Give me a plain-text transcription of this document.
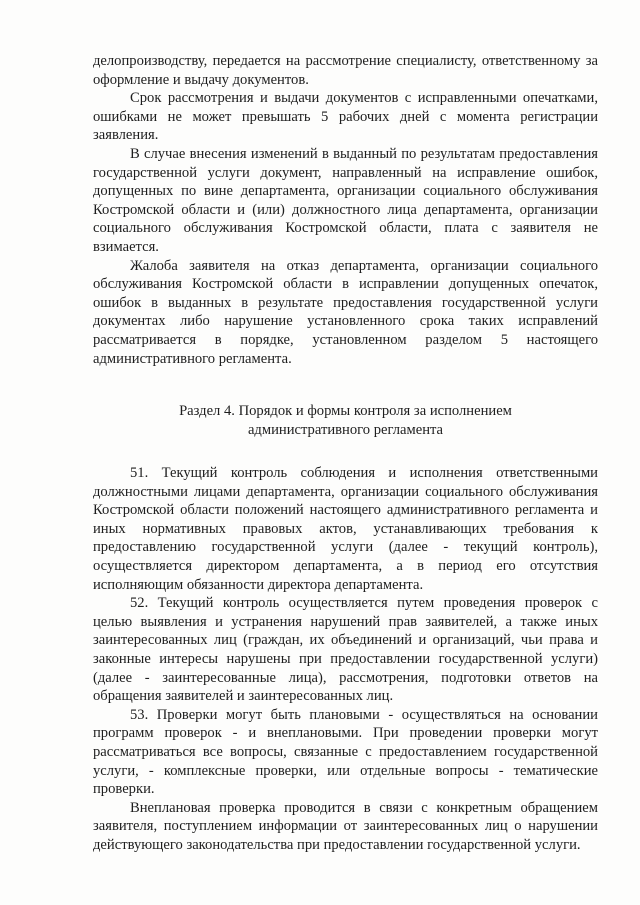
делопроизводству, передается на рассмотрение специалисту, ответственному за оформление и выдачу документов.

Срок рассмотрения и выдачи документов с исправленными опечатками, ошибками не может превышать 5 рабочих дней с момента регистрации заявления.

В случае внесения изменений в выданный по результатам предоставления государственной услуги документ, направленный на исправление ошибок, допущенных по вине департамента, организации социального обслуживания Костромской области и (или) должностного лица департамента, организации социального обслуживания Костромской области, плата с заявителя не взимается.

Жалоба заявителя на отказ департамента, организации социального обслуживания Костромской области в исправлении допущенных опечаток, ошибок в выданных в результате предоставления государственной услуги документах либо нарушение установленного срока таких исправлений рассматривается в порядке, установленном разделом 5 настоящего административного регламента.

Раздел 4. Порядок и формы контроля за исполнением
административного регламента

51. Текущий контроль соблюдения и исполнения ответственными должностными лицами департамента, организации социального обслуживания Костромской области положений настоящего административного регламента и иных нормативных правовых актов, устанавливающих требования к предоставлению государственной услуги (далее - текущий контроль), осуществляется директором департамента, а в период его отсутствия исполняющим обязанности директора департамента.

52. Текущий контроль осуществляется путем проведения проверок с целью выявления и устранения нарушений прав заявителей, а также иных заинтересованных лиц (граждан, их объединений и организаций, чьи права и законные интересы нарушены при предоставлении государственной услуги) (далее - заинтересованные лица), рассмотрения, подготовки ответов на обращения заявителей и заинтересованных лиц.

53. Проверки могут быть плановыми - осуществляться на основании программ проверок - и внеплановыми. При проведении проверки могут рассматриваться все вопросы, связанные с предоставлением государственной услуги, - комплексные проверки, или отдельные вопросы - тематические проверки.

Внеплановая проверка проводится в связи с конкретным обращением заявителя, поступлением информации от заинтересованных лиц о нарушении действующего законодательства при предоставлении государственной услуги.
